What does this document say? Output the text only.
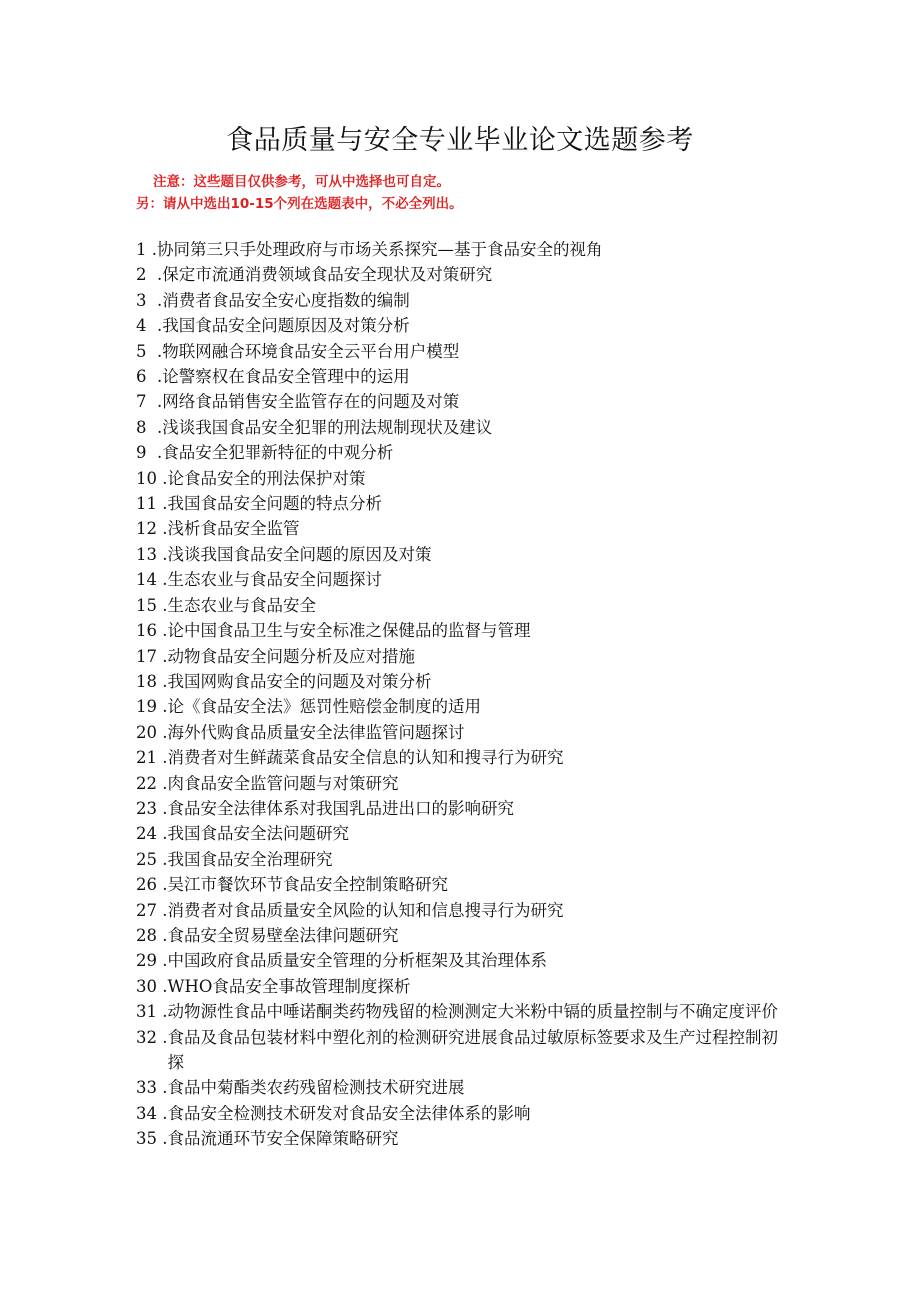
食品质量与安全专业毕业论文选题参考
注意：这些题目仅供参考，可从中选择也可自定。
另：请从中选出10-15个列在选题表中，不必全列出。
1 . 协同第三只手处理政府与市场关系探究—基于食品安全的视角
2  . 保定市流通消费领域食品安全现状及对策研究
3  . 消费者食品安全安心度指数的编制
4  . 我国食品安全问题原因及对策分析
5  . 物联网融合环境食品安全云平台用户模型
6  . 论警察权在食品安全管理中的运用
7  . 网络食品销售安全监管存在的问题及对策
8  . 浅谈我国食品安全犯罪的刑法规制现状及建议
9  . 食品安全犯罪新特征的中观分析
10 . 论食品安全的刑法保护对策
11 . 我国食品安全问题的特点分析
12 . 浅析食品安全监管
13 . 浅谈我国食品安全问题的原因及对策
14 . 生态农业与食品安全问题探讨
15 . 生态农业与食品安全
16 . 论中国食品卫生与安全标准之保健品的监督与管理
17 . 动物食品安全问题分析及应对措施
18 . 我国网购食品安全的问题及对策分析
19 . 论《食品安全法》惩罚性赔偿金制度的适用
20 . 海外代购食品质量安全法律监管问题探讨
21 . 消费者对生鲜蔬菜食品安全信息的认知和搜寻行为研究
22 . 肉食品安全监管问题与对策研究
23 . 食品安全法律体系对我国乳品进出口的影响研究
24 . 我国食品安全法问题研究
25 . 我国食品安全治理研究
26 . 吴江市餐饮环节食品安全控制策略研究
27 . 消费者对食品质量安全风险的认知和信息搜寻行为研究
28 . 食品安全贸易壁垒法律问题研究
29 . 中国政府食品质量安全管理的分析框架及其治理体系
30 . WHO食品安全事故管理制度探析
31 . 动物源性食品中唾诺酮类药物残留的检测测定大米粉中镉的质量控制与不确定度评价
32 . 食品及食品包装材料中塑化剂的检测研究进展食品过敏原标签要求及生产过程控制初探
33 . 食品中菊酯类农药残留检测技术研究进展
34 . 食品安全检测技术研发对食品安全法律体系的影响
35 . 食品流通环节安全保障策略研究
